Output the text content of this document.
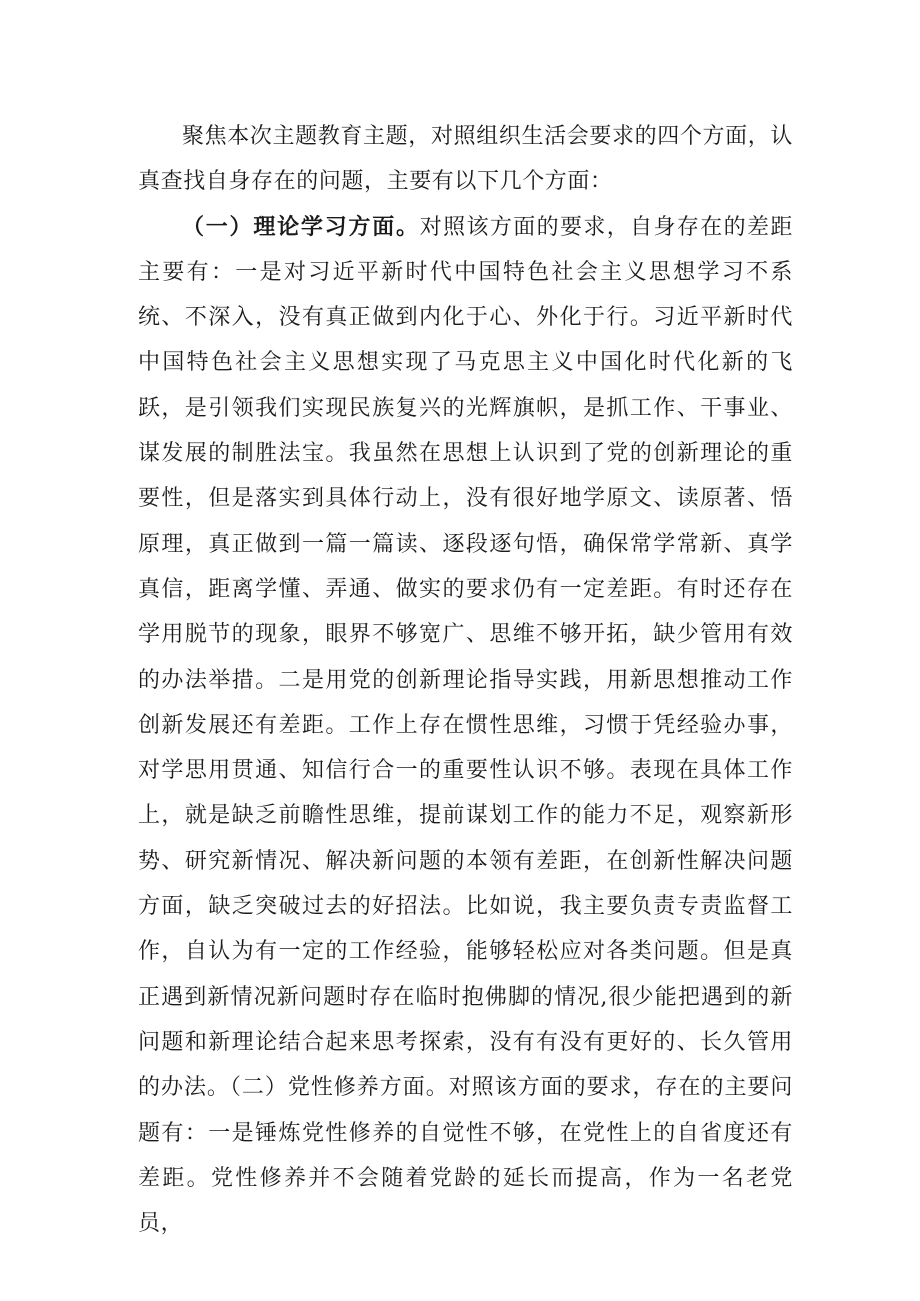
聚焦本次主题教育主题，对照组织生活会要求的四个方面，认真查找自身存在的问题，主要有以下几个方面：

（一）理论学习方面。对照该方面的要求，自身存在的差距主要有：一是对习近平新时代中国特色社会主义思想学习不系统、不深入，没有真正做到内化于心、外化于行。习近平新时代中国特色社会主义思想实现了马克思主义中国化时代化新的飞跃，是引领我们实现民族复兴的光辉旗帜，是抓工作、干事业、谋发展的制胜法宝。我虽然在思想上认识到了党的创新理论的重要性，但是落实到具体行动上，没有很好地学原文、读原著、悟原理，真正做到一篇一篇读、逐段逐句悟，确保常学常新、真学真信，距离学懂、弄通、做实的要求仍有一定差距。有时还存在学用脱节的现象，眼界不够宽广、思维不够开拓，缺少管用有效的办法举措。二是用党的创新理论指导实践，用新思想推动工作创新发展还有差距。工作上存在惯性思维，习惯于凭经验办事，对学思用贯通、知信行合一的重要性认识不够。表现在具体工作上，就是缺乏前瞻性思维，提前谋划工作的能力不足，观察新形势、研究新情况、解决新问题的本领有差距，在创新性解决问题方面，缺乏突破过去的好招法。比如说，我主要负责专责监督工作，自认为有一定的工作经验，能够轻松应对各类问题。但是真正遇到新情况新问题时存在临时抱佛脚的情况,很少能把遇到的新问题和新理论结合起来思考探索，没有有没有更好的、长久管用的办法。（二）党性修养方面。对照该方面的要求，存在的主要问题有：一是锤炼党性修养的自觉性不够，在党性上的自省度还有差距。党性修养并不会随着党龄的延长而提高，作为一名老党员，
